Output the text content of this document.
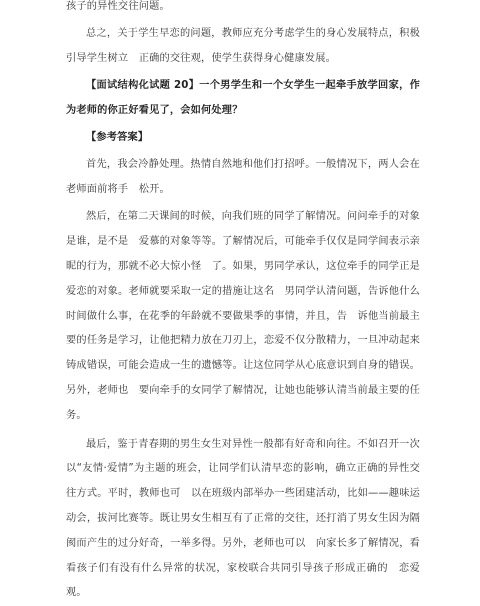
孩子的异性交往问题。

总之，关于学生早恋的问题，教师应充分考虑学生的身心发展特点，积极引导学生树立　正确的交往观，使学生获得身心健康发展。

【面试结构化试题 20】一个男学生和一个女学生一起牵手放学回家，作为老师的你正好看见了，会如何处理？

【参考答案】

首先，我会冷静处理。热情自然地和他们打招呼。一般情况下，两人会在老师面前将手　松开。

然后，在第二天课间的时候，向我们班的同学了解情况。问问牵手的对象是谁，是不是　爱慕的对象等等。了解情况后，可能牵手仅仅是同学间表示亲昵的行为，那就不必大惊小怪　了。如果，男同学承认，这位牵手的同学正是爱恋的对象。老师就要采取一定的措施让这名　男同学认清问题，告诉他什么时间做什么事，在花季的年龄就不要做果季的事情，并且，告　诉他当前最主要的任务是学习，让他把精力放在刀刃上，恋爱不仅分散精力，一旦冲动起来　铸成错误，可能会造成一生的遗憾等。让这位同学从心底意识到自身的错误。另外，老师也　要向牵手的女同学了解情况，让她也能够认清当前最主要的任务。

最后，鉴于青春期的男生女生对异性一般都有好奇和向往。不如召开一次以“友情·爱情”为主题的班会，让同学们认清早恋的影响，确立正确的异性交往方式。平时，教师也可　以在班级内部举办一些团建活动，比如——趣味运动会，拔河比赛等。既让男女生相互有了正常的交往，还打消了男女生因为隔阂而产生的过分好奇，一举多得。另外，老师也可以　向家长多了解情况，看看孩子们有没有什么异常的状况，家校联合共同引导孩子形成正确的　恋爱观。
